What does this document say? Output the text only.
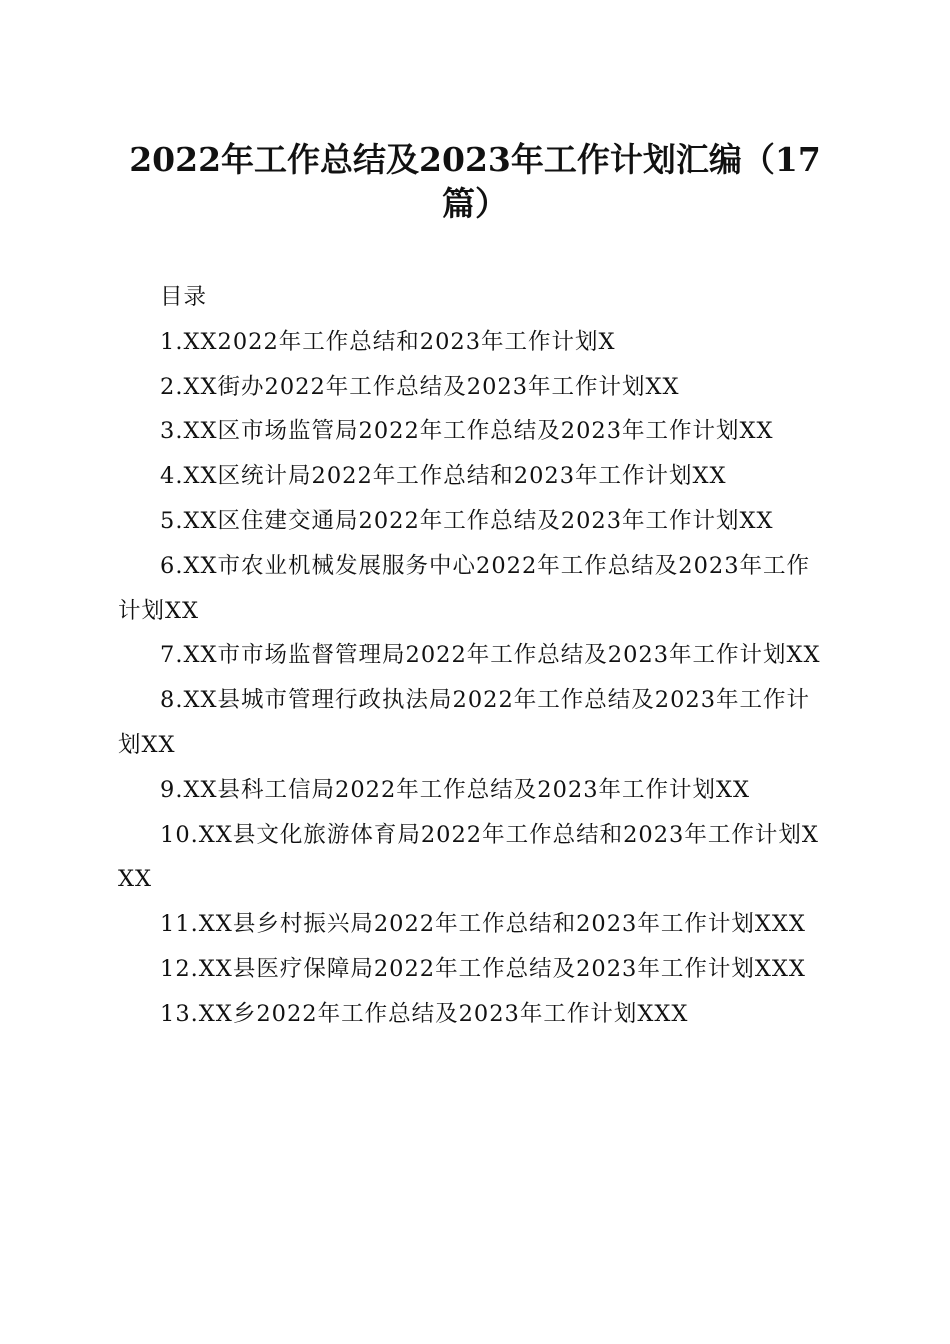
2022年工作总结及2023年工作计划汇编（17篇）

目录

1.XX2022年工作总结和2023年工作计划X
2.XX街办2022年工作总结及2023年工作计划XX
3.XX区市场监管局2022年工作总结及2023年工作计划XX
4.XX区统计局2022年工作总结和2023年工作计划XX
5.XX区住建交通局2022年工作总结及2023年工作计划XX
6.XX市农业机械发展服务中心2022年工作总结及2023年工作计划XX
7.XX市市场监督管理局2022年工作总结及2023年工作计划XX
8.XX县城市管理行政执法局2022年工作总结及2023年工作计划XX
9.XX县科工信局2022年工作总结及2023年工作计划XX
10.XX县文化旅游体育局2022年工作总结和2023年工作计划XXX
11.XX县乡村振兴局2022年工作总结和2023年工作计划XXX
12.XX县医疗保障局2022年工作总结及2023年工作计划XXX
13.XX乡2022年工作总结及2023年工作计划XXX
